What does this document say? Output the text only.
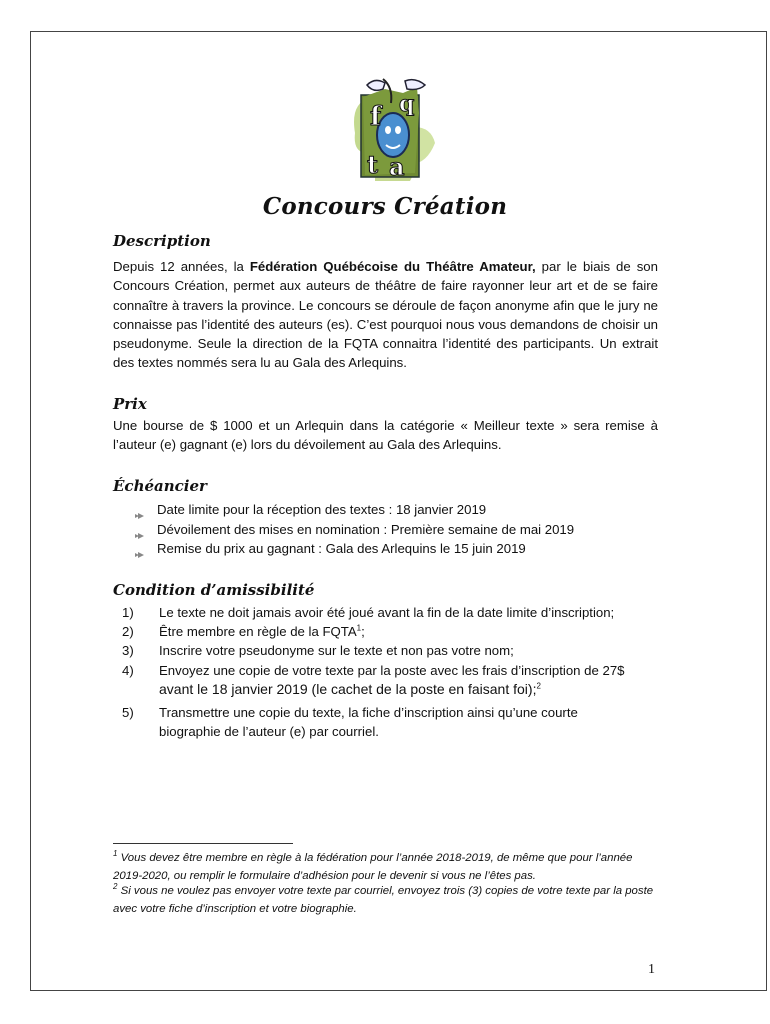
f
t a
q
Concours Création
Description
Depuis 12 années, la Fédération Québécoise du Théâtre Amateur, par le biais de son Concours Création, permet aux auteurs de théâtre de faire rayonner leur art et de se faire connaître à travers la province. Le concours se déroule de façon anonyme afin que le jury ne connaisse pas l’identité des auteurs (es). C’est pourquoi nous vous demandons de choisir un pseudonyme. Seule la direction de la FQTA connaitra l’identité des participants. Un extrait des textes nommés sera lu au Gala des Arlequins.
Prix
Une bourse de $ 1000 et un Arlequin dans la catégorie « Meilleur texte » sera remise à l’auteur (e) gagnant (e) lors du dévoilement au Gala des Arlequins.
Échéancier
Date limite pour la réception des textes : 18 janvier 2019
Dévoilement des mises en nomination : Première semaine de mai 2019
Remise du prix au gagnant : Gala des Arlequins le 15 juin 2019
Condition d’amissibilité
1) Le texte ne doit jamais avoir été joué avant la fin de la date limite d’inscription;
2) Être membre en règle de la FQTA$^1$;
3) Inscrire votre pseudonyme sur le texte et non pas votre nom;
4) Envoyez une copie de votre texte par la poste avec les frais d’inscription de 27$
avant le 18 janvier 2019 (le cachet de la poste en faisant foi);$^2$
5) Transmettre une copie du texte, la fiche d’inscription ainsi qu’une courte
biographie de l’auteur (e) par courriel.
$^1$ Vous devez être membre en règle à la fédération pour l’année 2018-2019, de même que pour l’année 2019-2020, ou remplir le formulaire d’adhésion pour le devenir si vous ne l’êtes pas.
$^2$ Si vous ne voulez pas envoyer votre texte par courriel, envoyez trois (3) copies de votre texte par la poste avec votre fiche d’inscription et votre biographie.
1
